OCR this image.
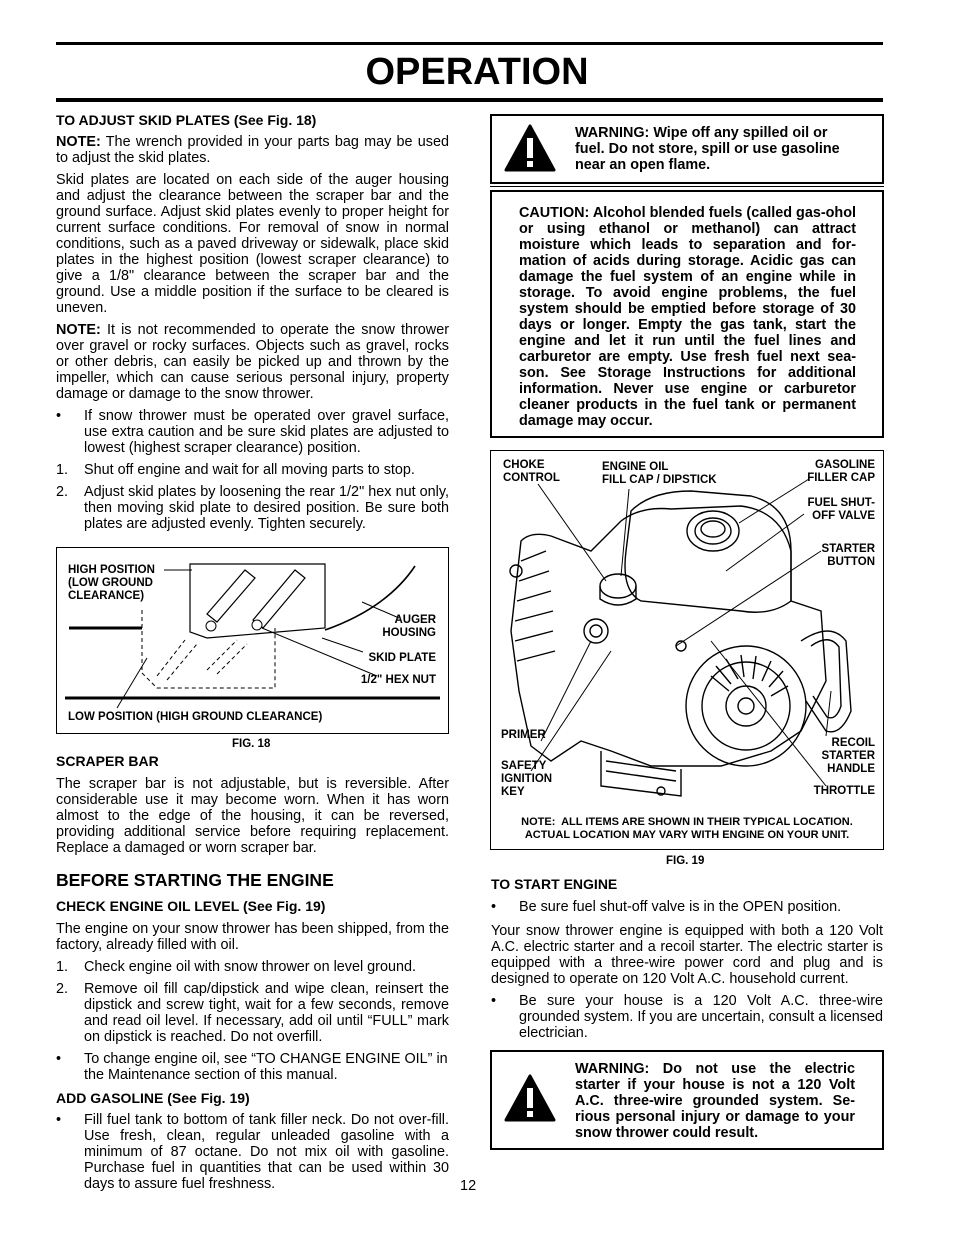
OPERATION
TO ADJUST SKID PLATES (See Fig. 18)

NOTE: The wrench provided in your parts bag may be used to adjust the skid plates.

Skid plates are located on each side of the auger housing and adjust the clearance between the scraper bar and the ground surface. Adjust skid plates evenly to proper height for current surface conditions. For removal of snow in normal conditions, such as a paved driveway or sidewalk, place skid plates in the highest position (lowest scraper clearance) to give a 1/8" clearance between the scraper bar and the ground. Use a middle position if the surface to be cleared is uneven.

NOTE: It is not recommended to operate the snow thrower over gravel or rocky surfaces. Objects such as gravel, rocks or other debris, can easily be picked up and thrown by the impeller, which can cause serious personal injury, property damage or damage to the snow thrower.

• If snow thrower must be operated over gravel surface, use extra caution and be sure skid plates are adjusted to lowest (highest scraper clearance) position.
1. Shut off engine and wait for all moving parts to stop.
2. Adjust skid plates by loosening the rear 1/2" hex nut only, then moving skid plate to desired position. Be sure both plates are adjusted evenly. Tighten securely.
HIGH POSITION
(LOW GROUND
CLEARANCE)
AUGER
HOUSING
SKID PLATE
1/2" HEX NUT
LOW POSITION (HIGH GROUND CLEARANCE)
FIG. 18
SCRAPER BAR

The scraper bar is not adjustable, but is reversible. After considerable use it may become worn. When it has worn almost to the edge of the housing, it can be reversed, providing additional service before requiring replacement. Replace a damaged or worn scraper bar.

BEFORE STARTING THE ENGINE
CHECK ENGINE OIL LEVEL (See Fig. 19)

The engine on your snow thrower has been shipped, from the factory, already filled with oil.

1. Check engine oil with snow thrower on level ground.
2. Remove oil fill cap/dipstick and wipe clean, reinsert the dipstick and screw tight, wait for a few seconds, remove and read oil level. If necessary, add oil until “FULL” mark on dipstick is reached. Do not overfill.
• To change engine oil, see “TO CHANGE ENGINE OIL” in the Maintenance section of this manual.
ADD GASOLINE (See Fig. 19)
• Fill fuel tank to bottom of tank filler neck. Do not over-fill. Use fresh, clean, regular unleaded gasoline with a minimum of 87 octane. Do not mix oil with gasoline. Purchase fuel in quantities that can be used within 30 days to assure fuel freshness.
WARNING: Wipe off any spilled oil or fuel. Do not store, spill or use gasoline near an open flame.
CAUTION: Alcohol blended fuels (called gas-ohol or using ethanol or methanol) can attract moisture which leads to separation and for-mation of acids during storage. Acidic gas can damage the fuel system of an engine while in storage. To avoid engine problems, the fuel system should be emptied before storage of 30 days or longer. Empty the gas tank, start the engine and let it run until the fuel lines and carburetor are empty. Use fresh fuel next sea-son. See Storage Instructions for additional information. Never use engine or carburetor cleaner products in the fuel tank or permanent damage may occur.
CHOKE
CONTROL
ENGINE OIL
FILL CAP / DIPSTICK
GASOLINE
FILLER CAP
FUEL SHUT-
OFF VALVE
STARTER
BUTTON
PRIMER
RECOIL
STARTER
HANDLE
SAFETY
IGNITION
KEY	THROTTLE
NOTE:  ALL ITEMS ARE SHOWN IN THEIR TYPICAL LOCATION.
ACTUAL LOCATION MAY VARY WITH ENGINE ON YOUR UNIT.
FIG. 19
TO START ENGINE
• Be sure fuel shut-off valve is in the OPEN position.

Your snow thrower engine is equipped with both a 120 Volt A.C. electric starter and a recoil starter. The electric starter is equipped with a three-wire power cord and plug and is designed to operate on 120 Volt A.C. household current.

• Be sure your house is a 120 Volt A.C. three-wire grounded system. If you are uncertain, consult a licensed electrician.
WARNING: Do not use the electric starter if your house is not a 120 Volt A.C. three-wire grounded system. Se-rious personal injury or damage to your snow thrower could result.
12
